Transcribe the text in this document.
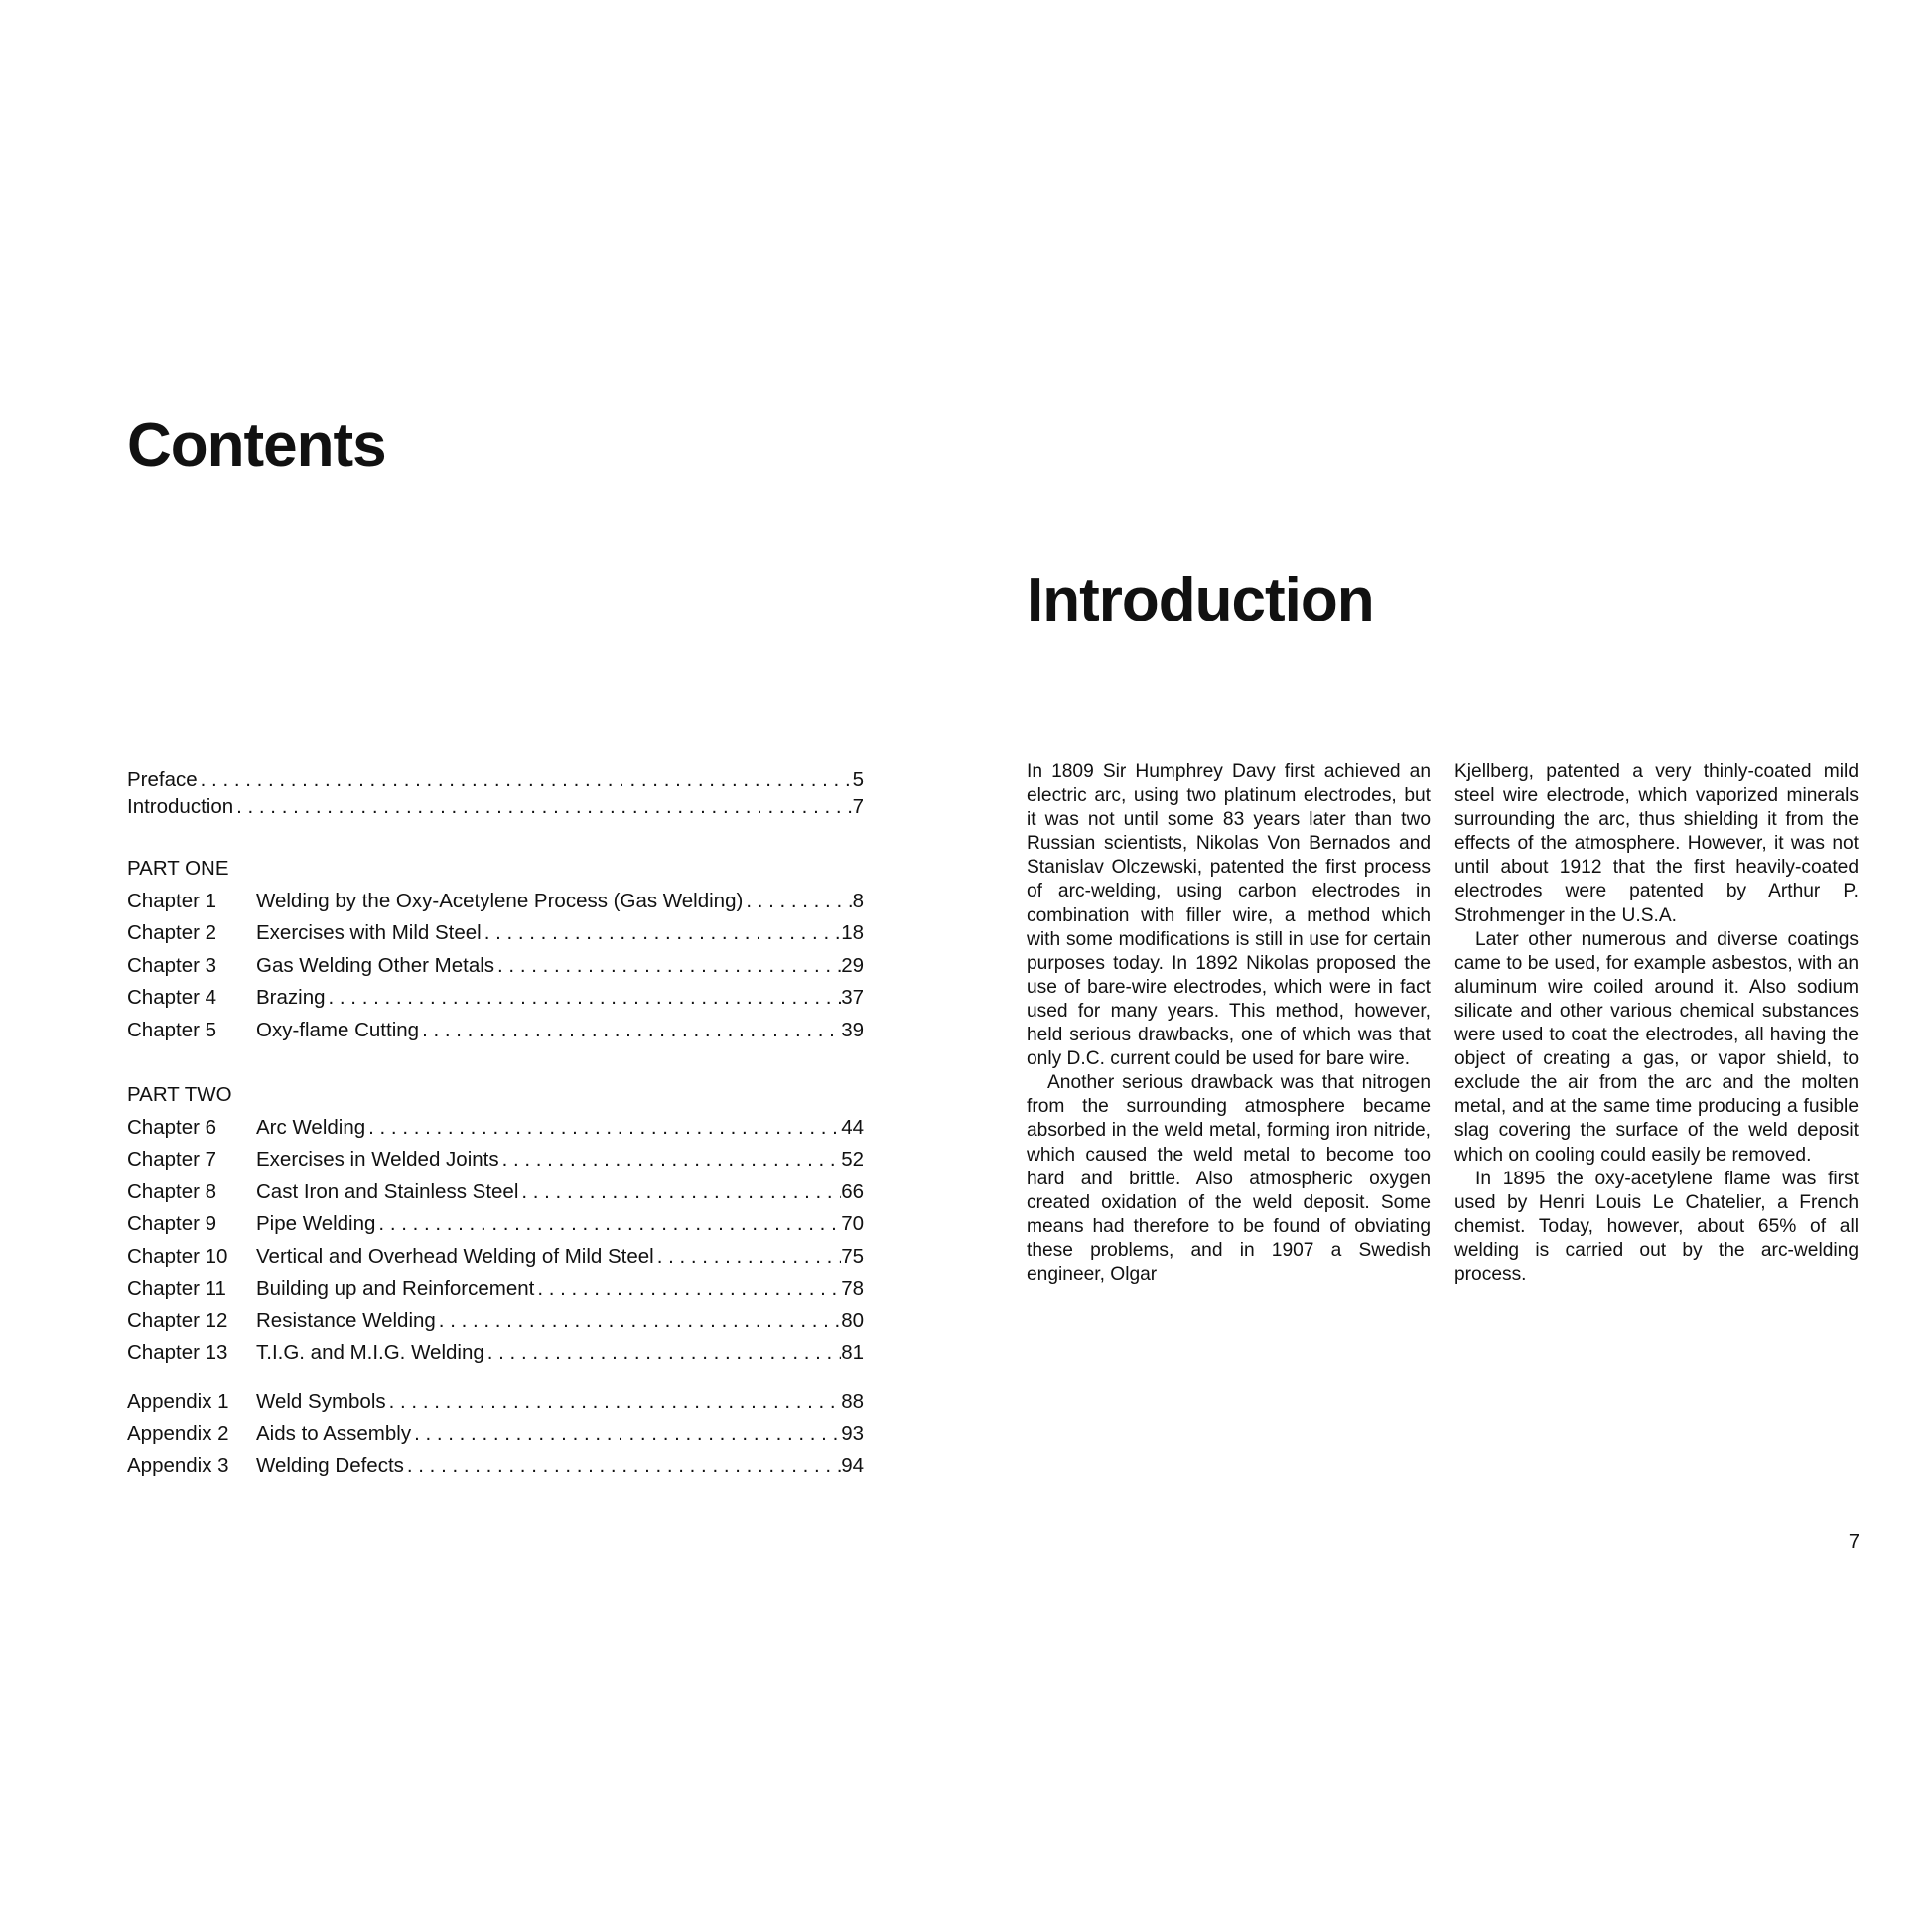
Contents
Preface . . .	5
Introduction . . .	7
PART ONE
Chapter 1	Welding by the Oxy-Acetylene Process (Gas Welding) . . .	8
Chapter 2	Exercises with Mild Steel . . .	18
Chapter 3	Gas Welding Other Metals . . .	29
Chapter 4	Brazing . . .	37
Chapter 5	Oxy-flame Cutting . . .	39
PART TWO
Chapter 6	Arc Welding . . .	44
Chapter 7	Exercises in Welded Joints . . .	52
Chapter 8	Cast Iron and Stainless Steel . . .	66
Chapter 9	Pipe Welding . . .	70
Chapter 10	Vertical and Overhead Welding of Mild Steel . . .	75
Chapter 11	Building up and Reinforcement . . .	78
Chapter 12	Resistance Welding . . .	80
Chapter 13	T.I.G. and M.I.G. Welding . . .	81
Appendix 1	Weld Symbols . . .	88
Appendix 2	Aids to Assembly . . .	93
Appendix 3	Welding Defects . . .	94
Introduction

In 1809 Sir Humphrey Davy first achieved an electric arc, using two platinum electrodes, but it was not until some 83 years later than two Russian scientists, Nikolas Von Bernados and Stanislav Olczewski, patented the first process of arc-welding, using carbon electrodes in combination with filler wire, a method which with some modifications is still in use for certain purposes today. In 1892 Nikolas proposed the use of bare-wire electrodes, which were in fact used for many years. This method, however, held serious drawbacks, one of which was that only D.C. current could be used for bare wire.

Another serious drawback was that nitrogen from the surrounding atmosphere became absorbed in the weld metal, forming iron nitride, which caused the weld metal to become too hard and brittle. Also atmospheric oxygen created oxidation of the weld deposit. Some means had therefore to be found of obviating these problems, and in 1907 a Swedish engineer, Olgar

Kjellberg, patented a very thinly-coated mild steel wire electrode, which vaporized minerals surrounding the arc, thus shielding it from the effects of the atmosphere. However, it was not until about 1912 that the first heavily-coated electrodes were patented by Arthur P. Strohmenger in the U.S.A.

Later other numerous and diverse coatings came to be used, for example asbestos, with an aluminum wire coiled around it. Also sodium silicate and other various chemical substances were used to coat the electrodes, all having the object of creating a gas, or vapor shield, to exclude the air from the arc and the molten metal, and at the same time producing a fusible slag covering the surface of the weld deposit which on cooling could easily be removed.

In 1895 the oxy-acetylene flame was first used by Henri Louis Le Chatelier, a French chemist. Today, however, about 65% of all welding is carried out by the arc-welding process.

7
